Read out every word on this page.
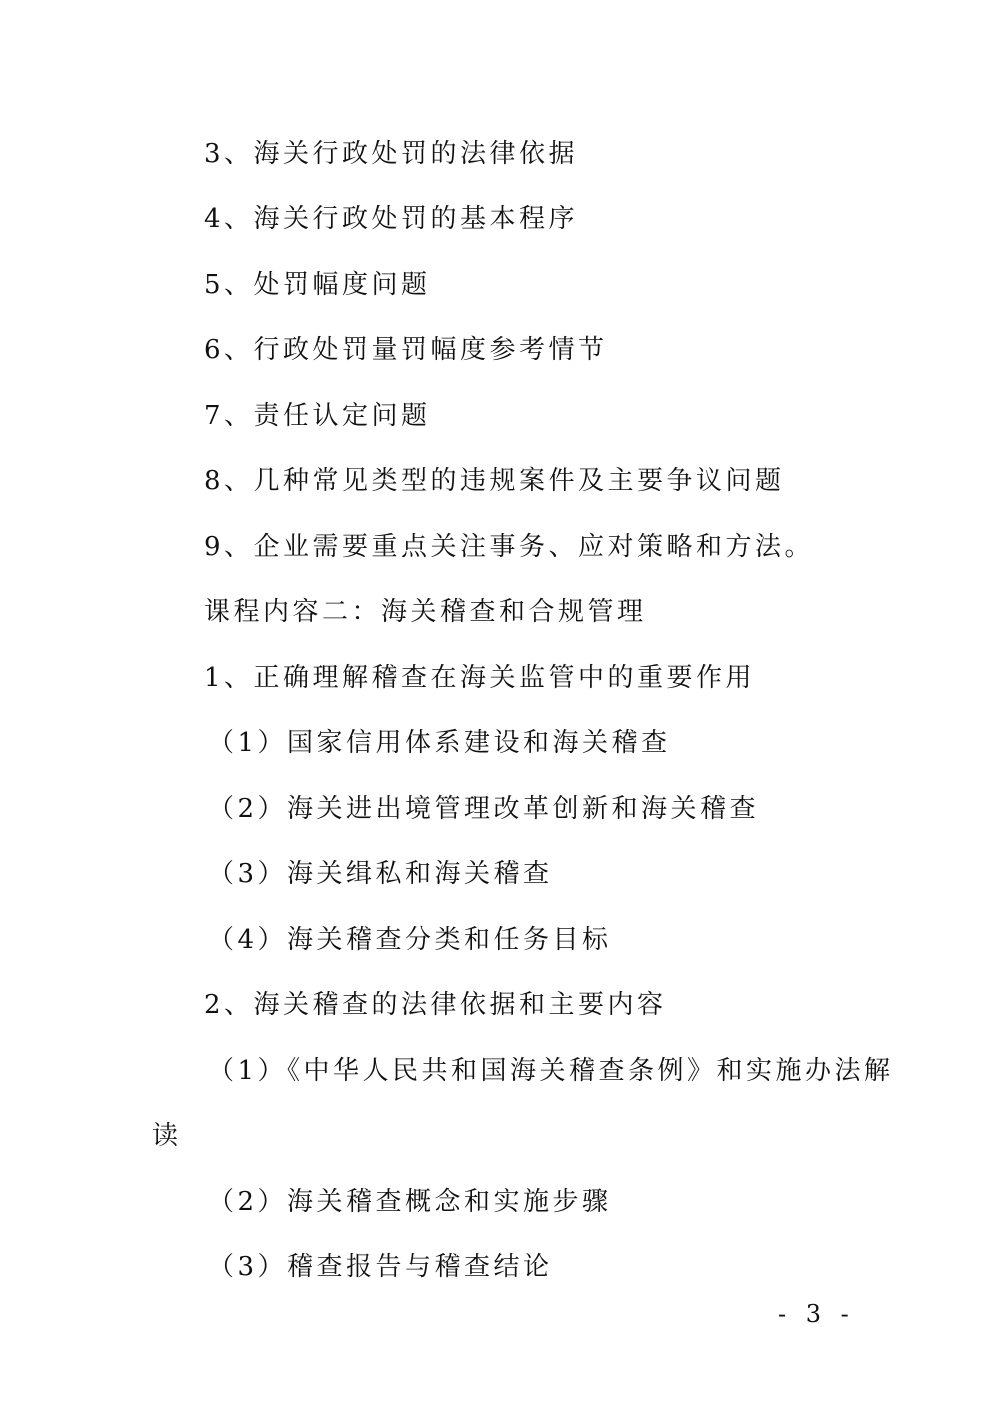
3、海关行政处罚的法律依据
4、海关行政处罚的基本程序
5、处罚幅度问题
6、行政处罚量罚幅度参考情节
7、责任认定问题
8、几种常见类型的违规案件及主要争议问题
9、企业需要重点关注事务、应对策略和方法。
课程内容二：海关稽查和合规管理
1、正确理解稽查在海关监管中的重要作用
（1）国家信用体系建设和海关稽查
（2）海关进出境管理改革创新和海关稽查
（3）海关缉私和海关稽查
（4）海关稽查分类和任务目标
2、海关稽查的法律依据和主要内容
（1）《中华人民共和国海关稽查条例》和实施办法解
读
（2）海关稽查概念和实施步骤
（3）稽查报告与稽查结论
- 3 -
